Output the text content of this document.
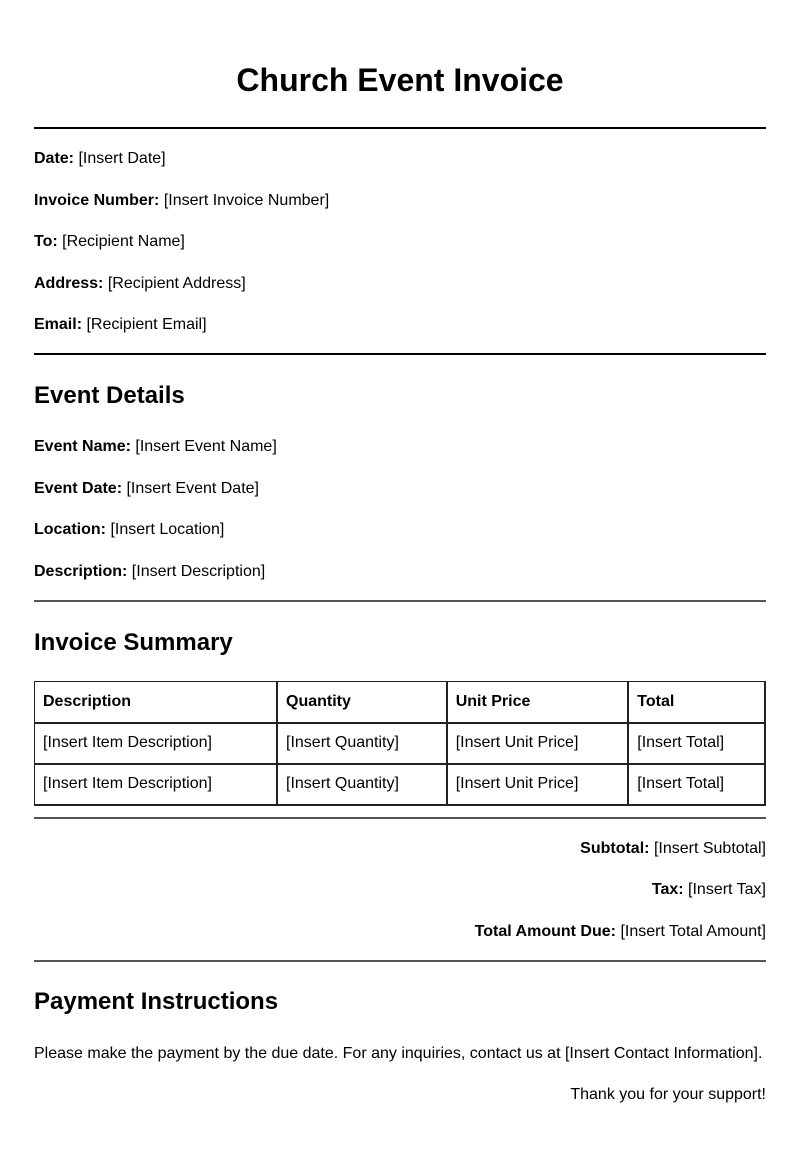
Church Event Invoice
Date: [Insert Date]
Invoice Number: [Insert Invoice Number]
To: [Recipient Name]
Address: [Recipient Address]
Email: [Recipient Email]
Event Details
Event Name: [Insert Event Name]
Event Date: [Insert Event Date]
Location: [Insert Location]
Description: [Insert Description]
Invoice Summary
Description	Quantity	Unit Price	Total
[Insert Item Description]	[Insert Quantity]	[Insert Unit Price]	[Insert Total]
[Insert Item Description]	[Insert Quantity]	[Insert Unit Price]	[Insert Total]
Subtotal: [Insert Subtotal]
Tax: [Insert Tax]
Total Amount Due: [Insert Total Amount]
Payment Instructions
Please make the payment by the due date. For any inquiries, contact us at [Insert Contact Information].
Thank you for your support!
